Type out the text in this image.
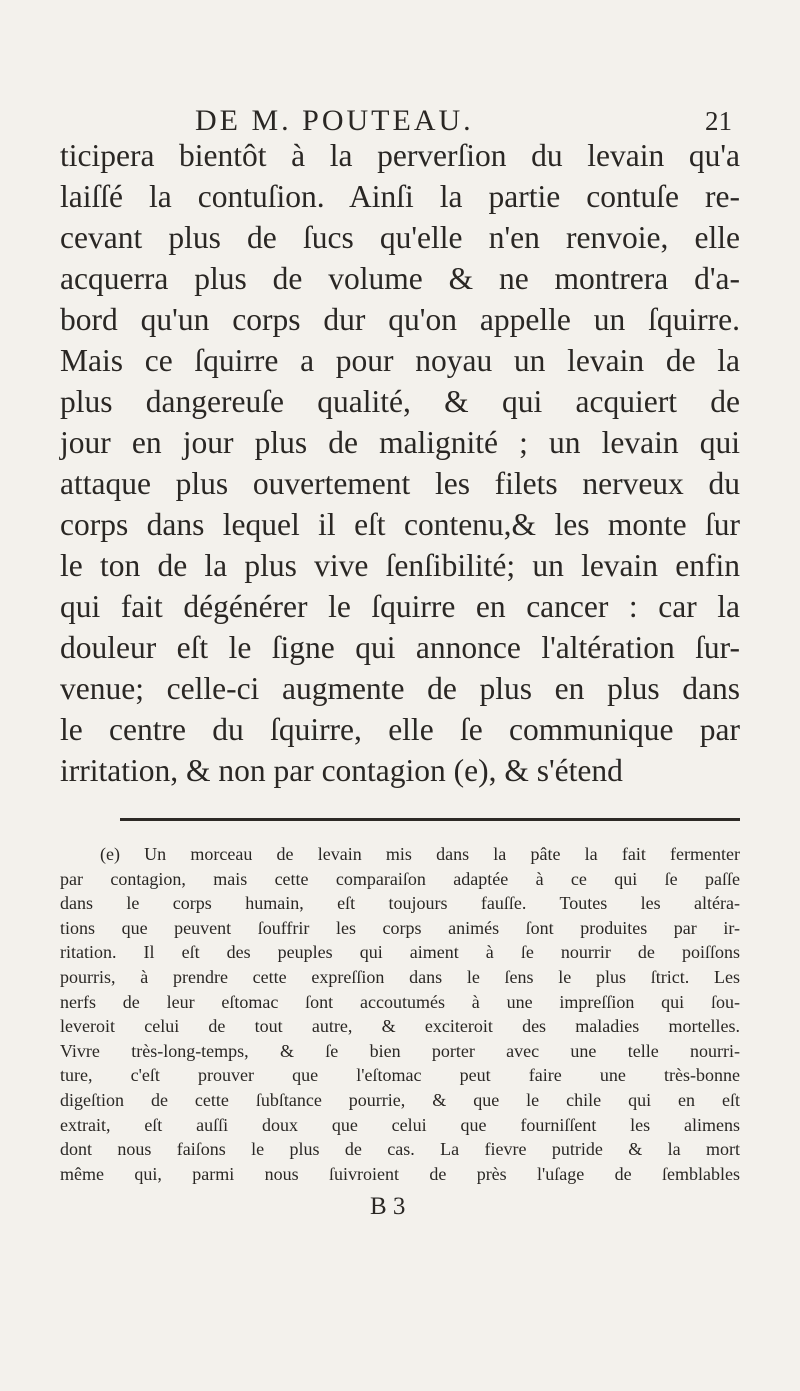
DE M. POUTEAU.	21
ticipera bientôt à la perverſion du levain qu'a
laiſſé la contuſion. Ainſi la partie contuſe re-
cevant plus de ſucs qu'elle n'en renvoie, elle
acquerra plus de volume & ne montrera d'a-
bord qu'un corps dur qu'on appelle un ſquirre.
Mais ce ſquirre a pour noyau un levain de la
plus dangereuſe qualité, & qui acquiert de
jour en jour plus de malignité ; un levain qui
attaque plus ouvertement les filets nerveux du
corps dans lequel il eſt contenu,& les monte ſur
le ton de la plus vive ſenſibilité; un levain enfin
qui fait dégénérer le ſquirre en cancer : car la
douleur eſt le ſigne qui annonce l'altération ſur-
venue; celle-ci augmente de plus en plus dans
le centre du ſquirre, elle ſe communique par
irritation, & non par contagion (e), & s'étend
(e) Un morceau de levain mis dans la pâte la fait fermenter
par contagion, mais cette comparaiſon adaptée à ce qui ſe paſſe
dans le corps humain, eſt toujours fauſſe. Toutes les altéra-
tions que peuvent ſouffrir les corps animés ſont produites par ir-
ritation. Il eſt des peuples qui aiment à ſe nourrir de poiſſons
pourris, à prendre cette expreſſion dans le ſens le plus ſtrict. Les
nerfs de leur eſtomac ſont accoutumés à une impreſſion qui ſou-
leveroit celui de tout autre, & exciteroit des maladies mortelles.
Vivre très-long-temps, & ſe bien porter avec une telle nourri-
ture, c'eſt prouver que l'eſtomac peut faire une très-bonne
digeſtion de cette ſubſtance pourrie, & que le chile qui en eſt
extrait, eſt auſſi doux que celui que fourniſſent les alimens
dont nous faiſons le plus de cas. La fievre putride & la mort
même qui, parmi nous ſuivroient de près l'uſage de ſemblables
B 3
